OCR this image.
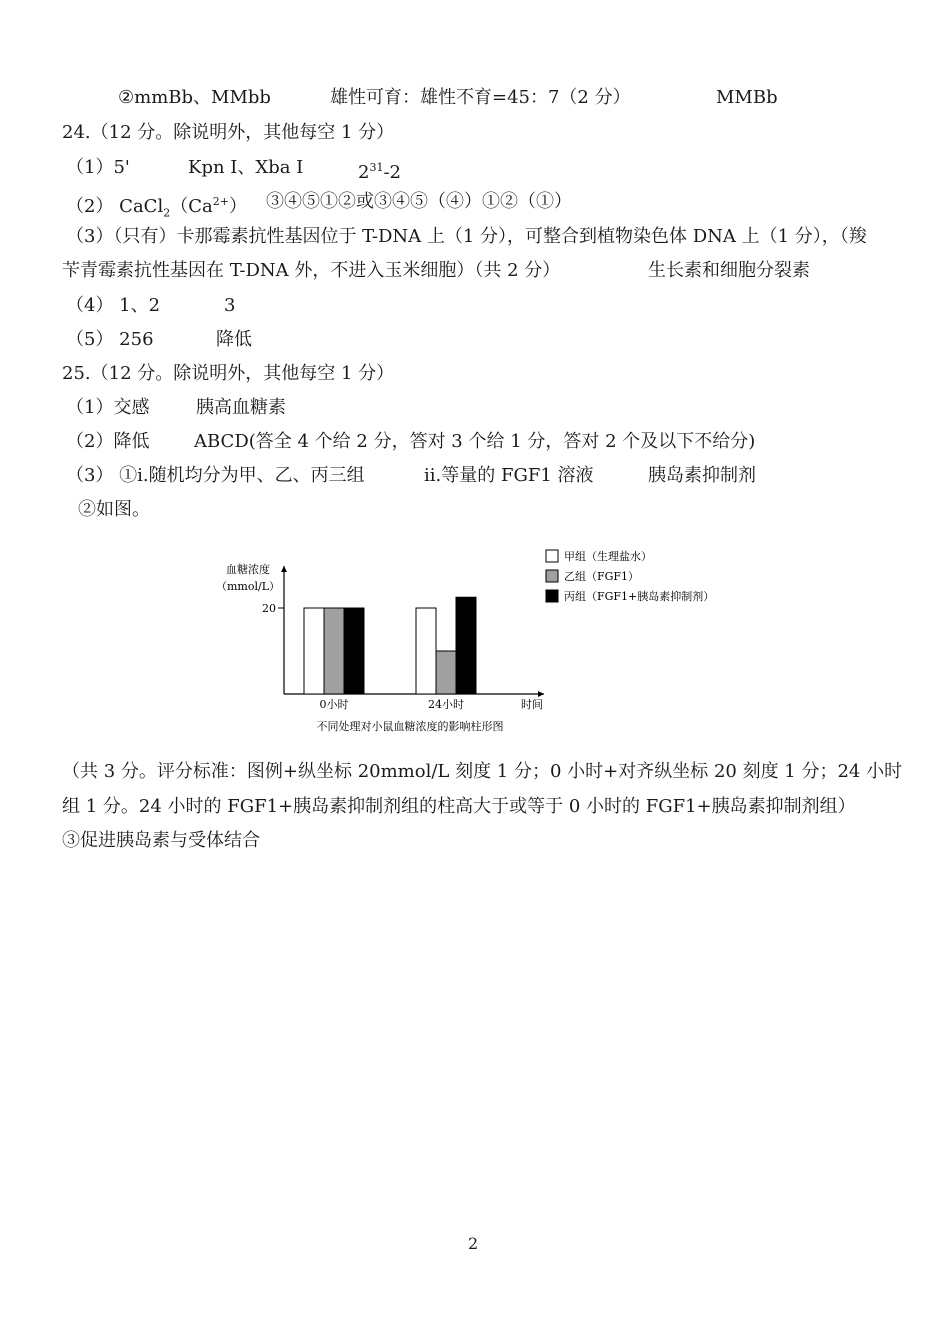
②mmBb、MMbb	雄性可育：雄性不育=45：7（2 分）	MMBb
24.（12 分。除说明外，其他每空 1 分）
（1）5'	Kpn I、Xba I	$2^{31}-2$
（2） $CaCl_2(Ca^{2+})$ ③④⑤①②或③④⑤（④）①②（①）
（3）（只有）卡那霉素抗性基因位于 T-DNA 上（1 分），可整合到植物染色体 DNA 上（1 分），（羧
苄青霉素抗性基因在 T-DNA 外，不进入玉米细胞）（共 2 分）	生长素和细胞分裂素
（4） 1、2	3
（5） 256	降低
25.（12 分。除说明外，其他每空 1 分）
（1）交感	胰高血糖素
（2）降低 ABCD(答全 4 个给 2 分，答对 3 个给 1 分，答对 2 个及以下不给分)
（3） ①i.随机均分为甲、乙、丙三组	ii.等量的 FGF1 溶液	胰岛素抑制剂
②如图。
血糖浓度
（mmol/L）
20
0小时	24小时	时间
不同处理对小鼠血糖浓度的影响柱形图
甲组（生理盐水）
乙组（FGF1）
丙组（FGF1+胰岛素抑制剂）
（共 3 分。评分标准：图例+纵坐标 20mmol/L 刻度 1 分；0 小时+对齐纵坐标 20 刻度 1 分；24 小时
组 1 分。24 小时的 FGF1+胰岛素抑制剂组的柱高大于或等于 0 小时的 FGF1+胰岛素抑制剂组）
③促进胰岛素与受体结合
2
